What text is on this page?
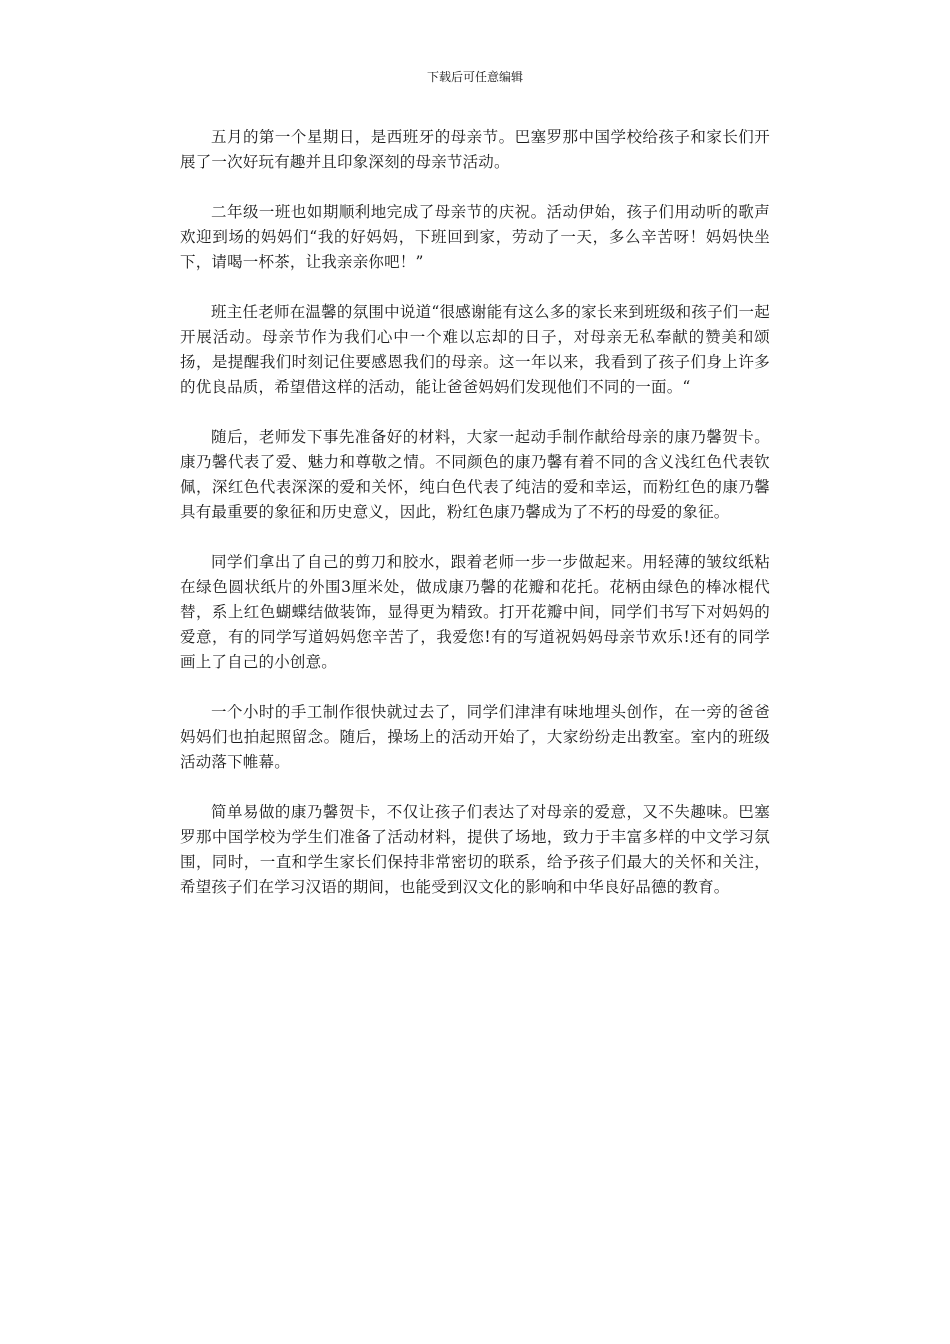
下载后可任意编辑

五月的第一个星期日，是西班牙的母亲节。巴塞罗那中国学校给孩子和家长们开展了一次好玩有趣并且印象深刻的母亲节活动。

二年级一班也如期顺利地完成了母亲节的庆祝。活动伊始，孩子们用动听的歌声欢迎到场的妈妈们“我的好妈妈，下班回到家，劳动了一天，多么辛苦呀！妈妈快坐下，请喝一杯茶，让我亲亲你吧！”

班主任老师在温馨的氛围中说道“很感谢能有这么多的家长来到班级和孩子们一起开展活动。母亲节作为我们心中一个难以忘却的日子，对母亲无私奉献的赞美和颂扬，是提醒我们时刻记住要感恩我们的母亲。这一年以来，我看到了孩子们身上许多的优良品质，希望借这样的活动，能让爸爸妈妈们发现他们不同的一面。“

随后，老师发下事先准备好的材料，大家一起动手制作献给母亲的康乃馨贺卡。康乃馨代表了爱、魅力和尊敬之情。不同颜色的康乃馨有着不同的含义浅红色代表钦佩，深红色代表深深的爱和关怀，纯白色代表了纯洁的爱和幸运，而粉红色的康乃馨具有最重要的象征和历史意义，因此，粉红色康乃馨成为了不朽的母爱的象征。

同学们拿出了自己的剪刀和胶水，跟着老师一步一步做起来。用轻薄的皱纹纸粘在绿色圆状纸片的外围3厘米处，做成康乃馨的花瓣和花托。花柄由绿色的棒冰棍代替，系上红色蝴蝶结做装饰，显得更为精致。打开花瓣中间，同学们书写下对妈妈的爱意，有的同学写道妈妈您辛苦了，我爱您!有的写道祝妈妈母亲节欢乐!还有的同学画上了自己的小创意。

一个小时的手工制作很快就过去了，同学们津津有味地埋头创作，在一旁的爸爸妈妈们也拍起照留念。随后，操场上的活动开始了，大家纷纷走出教室。室内的班级活动落下帷幕。

简单易做的康乃馨贺卡，不仅让孩子们表达了对母亲的爱意，又不失趣味。巴塞罗那中国学校为学生们准备了活动材料，提供了场地，致力于丰富多样的中文学习氛围，同时，一直和学生家长们保持非常密切的联系，给予孩子们最大的关怀和关注，希望孩子们在学习汉语的期间，也能受到汉文化的影响和中华良好品德的教育。
